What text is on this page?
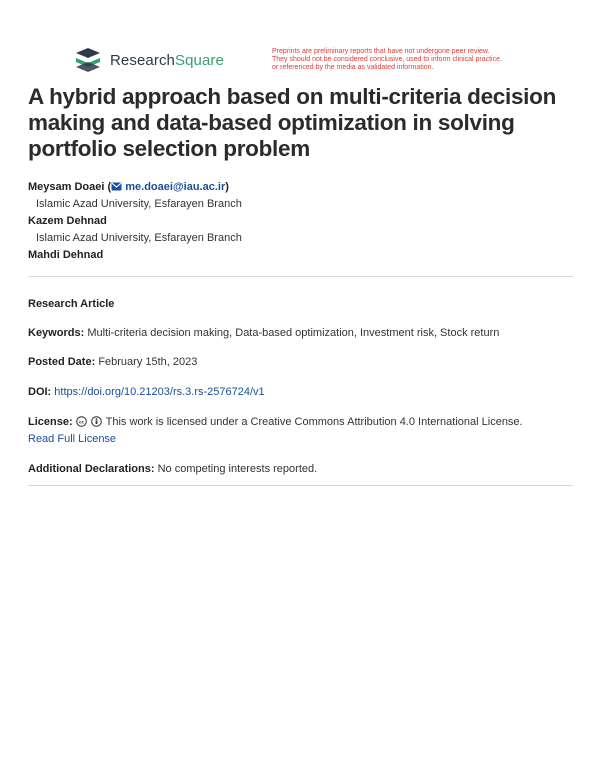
ResearchSquare	Preprints are preliminary reports that have not undergone peer review.
They should not be considered conclusive, used to inform clinical practice,
or referenced by the media as validated information.
A hybrid approach based on multi-criteria decision making and data-based optimization in solving portfolio selection problem
Meysam Doaei ( me.doaei@iau.ac.ir)
Islamic Azad University, Esfarayen Branch
Kazem Dehnad
Islamic Azad University, Esfarayen Branch
Mahdi Dehnad
Research Article
Keywords: Multi-criteria decision making, Data-based optimization, Investment risk, Stock return
Posted Date: February 15th, 2023
DOI: https://doi.org/10.21203/rs.3.rs-2576724/v1
License: cc This work is licensed under a Creative Commons Attribution 4.0 International License.
Read Full License
Additional Declarations: No competing interests reported.
